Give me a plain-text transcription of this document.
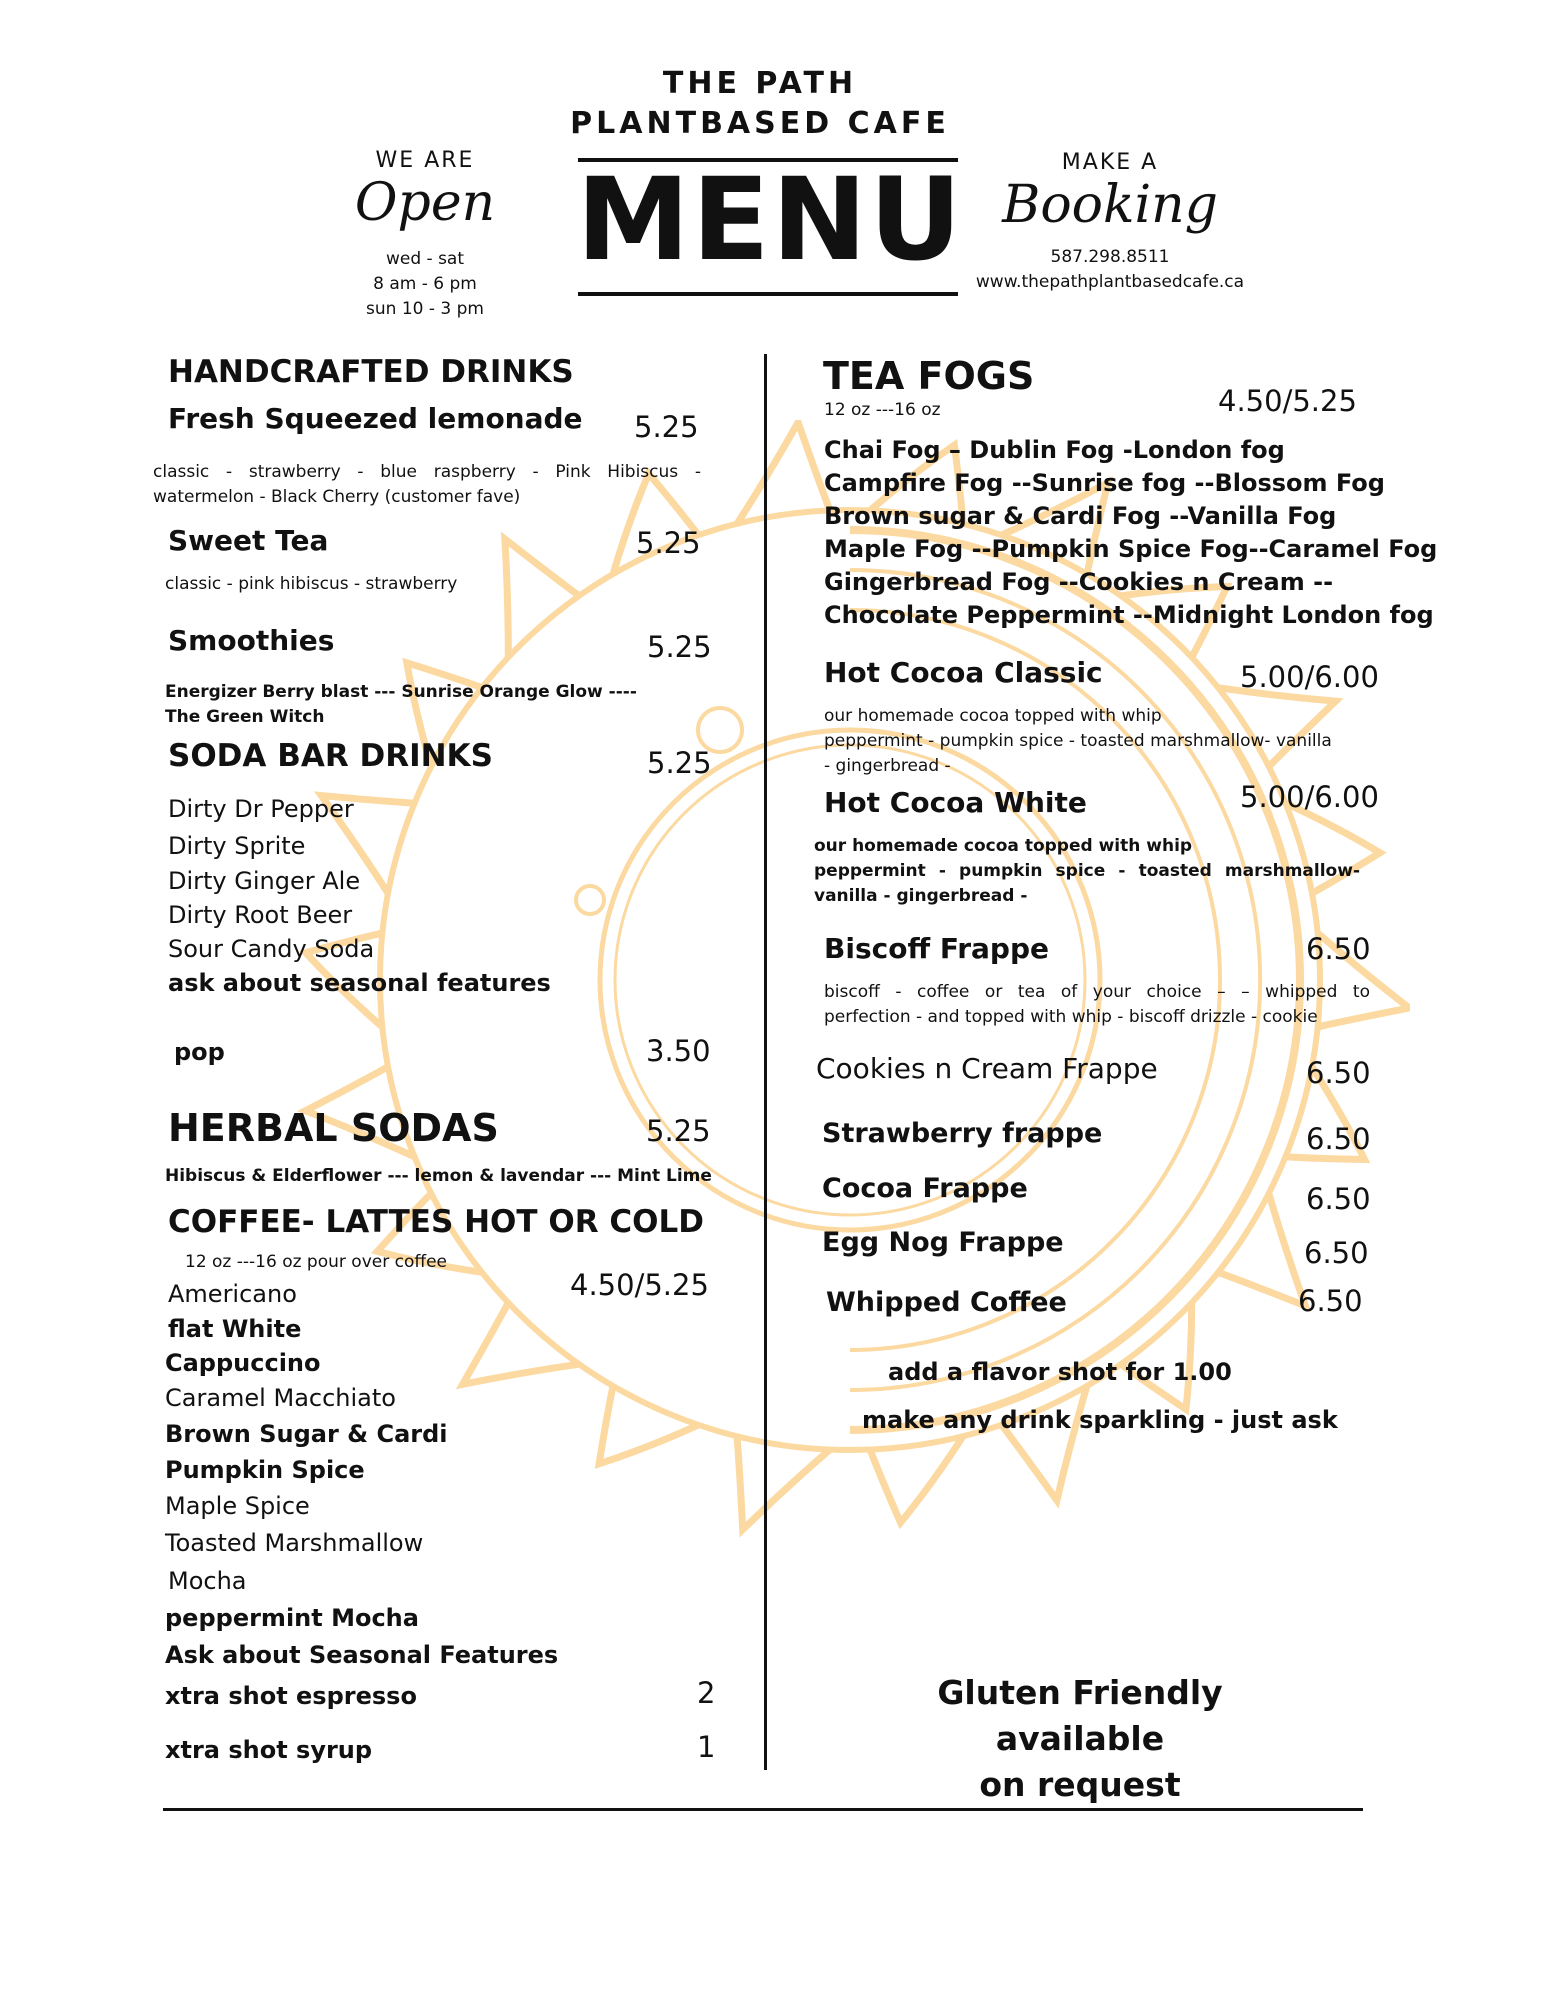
THE PATH
PLANTBASED CAFE
MENU
WE ARE
Open
wed - sat
8 am - 6 pm
sun 10 - 3 pm
MAKE A
Booking
587.298.8511
www.thepathplantbasedcafe.ca
HANDCRAFTED DRINKS
Fresh Squeezed lemonade 5.25
classic - strawberry - blue raspberry - Pink Hibiscus -
watermelon - Black Cherry (customer fave)
Sweet Tea	5.25
classic - pink hibiscus - strawberry
Smoothies	5.25
Energizer Berry blast --- Sunrise Orange Glow ----
The Green Witch
SODA BAR DRINKS	5.25
Dirty Dr Pepper
Dirty Sprite
Dirty Ginger Ale
Dirty Root Beer
Sour Candy Soda
ask about seasonal features
pop	3.50
HERBAL SODAS	5.25
Hibiscus & Elderflower --- lemon & lavendar --- Mint Lime
COFFEE- LATTES HOT OR COLD
12 oz ---16 oz pour over coffee
4.50/5.25
Americano
flat White
Cappuccino
Caramel Macchiato
Brown Sugar & Cardi
Pumpkin Spice
Maple Spice
Toasted Marshmallow
Mocha
peppermint Mocha
Ask about Seasonal Features
xtra shot espresso	2
xtra shot syrup	1
TEA FOGS
12 oz ---16 oz	4.50/5.25
Chai Fog – Dublin Fog -London fog
Campfire Fog --Sunrise fog --Blossom Fog
Brown sugar & Cardi Fog --Vanilla Fog
Maple Fog --Pumpkin Spice Fog--Caramel Fog
Gingerbread Fog --Cookies n Cream --
Chocolate Peppermint --Midnight London fog
Hot Cocoa Classic	5.00/6.00
our homemade cocoa topped with whip
peppermint - pumpkin spice - toasted marshmallow- vanilla
- gingerbread -
Hot Cocoa White	5.00/6.00
our homemade cocoa topped with whip
peppermint - pumpkin spice - toasted marshmallow-
vanilla - gingerbread -
Biscoff Frappe	6.50
biscoff - coffee or tea of your choice – – whipped to
perfection - and topped with whip - biscoff drizzle - cookie
Cookies n Cream Frappe	6.50
Strawberry frappe	6.50
Cocoa Frappe	6.50
Egg Nog Frappe	6.50
Whipped Coffee	6.50
add a flavor shot for 1.00
make any drink sparkling - just ask
Gluten Friendly available
on request
